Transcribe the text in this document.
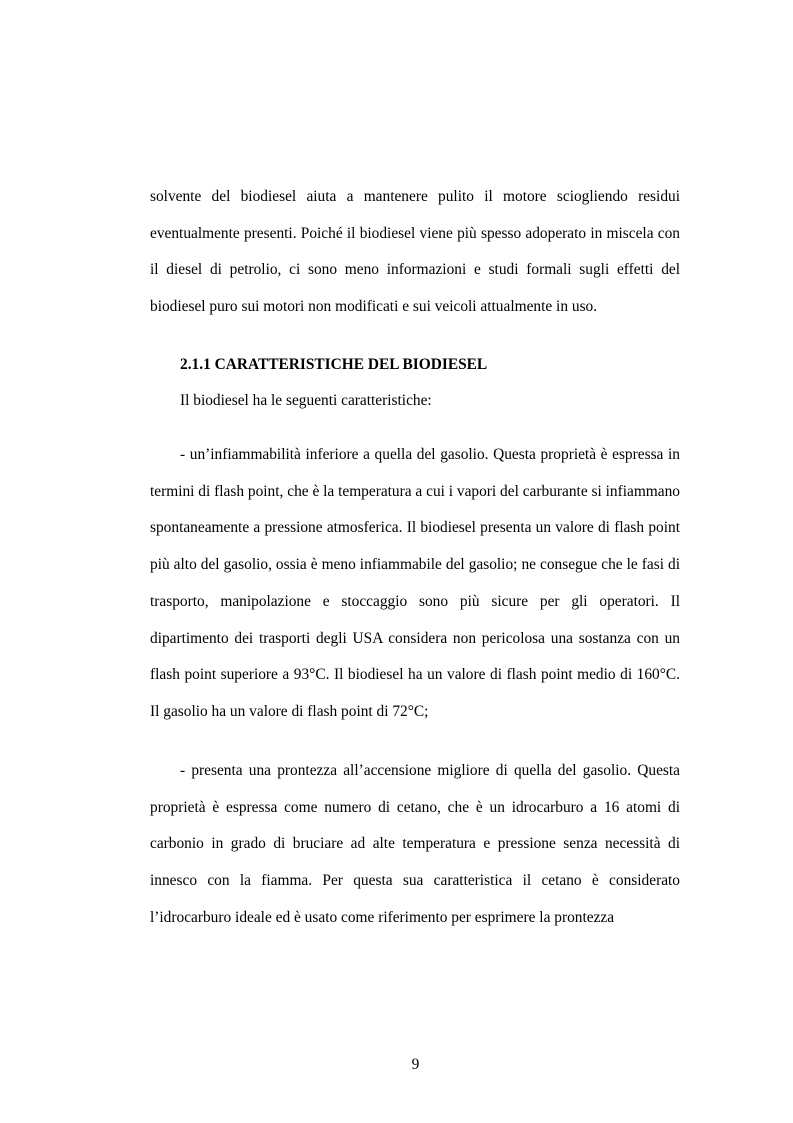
solvente del biodiesel aiuta a mantenere pulito il motore sciogliendo residui eventualmente presenti. Poiché il biodiesel viene più spesso adoperato in miscela con il diesel di petrolio, ci sono meno informazioni e studi formali sugli effetti del biodiesel puro sui motori non modificati e sui veicoli attualmente in uso.

2.1.1 CARATTERISTICHE DEL BIODIESEL

Il biodiesel ha le seguenti caratteristiche:

- un’infiammabilità inferiore a quella del gasolio. Questa proprietà è espressa in termini di flash point, che è la temperatura a cui i vapori del carburante si infiammano spontaneamente a pressione atmosferica. Il biodiesel presenta un valore di flash point più alto del gasolio, ossia è meno infiammabile del gasolio; ne consegue che le fasi di trasporto, manipolazione e stoccaggio sono più sicure per gli operatori. Il dipartimento dei trasporti degli USA considera non pericolosa una sostanza con un flash point superiore a 93°C. Il biodiesel ha un valore di flash point medio di 160°C. Il gasolio ha un valore di flash point di 72°C;

- presenta una prontezza all’accensione migliore di quella del gasolio. Questa proprietà è espressa come numero di cetano, che è un idrocarburo a 16 atomi di carbonio in grado di bruciare ad alte temperatura e pressione senza necessità di innesco con la fiamma. Per questa sua caratteristica il cetano è considerato l’idrocarburo ideale ed è usato come riferimento per esprimere la prontezza

9
